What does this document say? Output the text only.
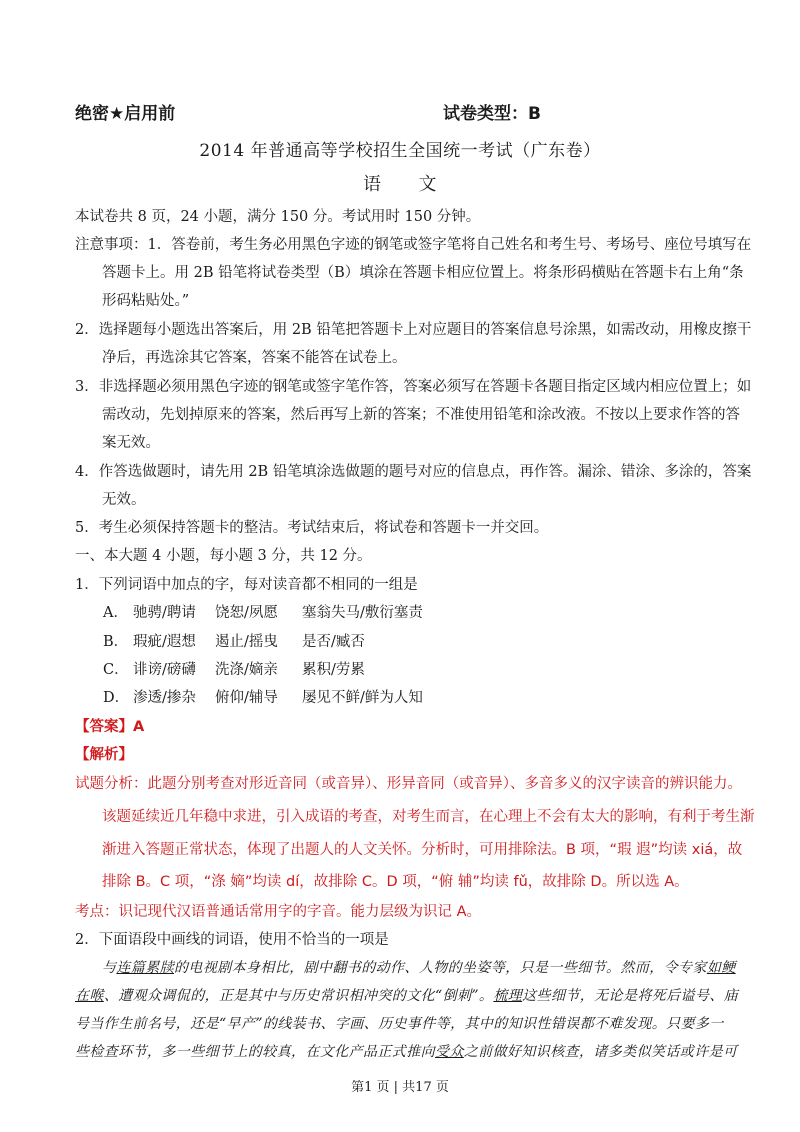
绝密★启用前	试卷类型：B
2014 年普通高等学校招生全国统一考试（广东卷）
语　　文
本试卷共 8 页，24 小题，满分 150 分。考试用时 150 分钟。
注意事项：1．答卷前，考生务必用黑色字迹的钢笔或签字笔将自己姓名和考生号、考场号、座位号填写在
答题卡上。用 2B 铅笔将试卷类型（B）填涂在答题卡相应位置上。将条形码横贴在答题卡右上角“条
形码粘贴处。”
2．选择题每小题选出答案后，用 2B 铅笔把答题卡上对应题目的答案信息号涂黑，如需改动，用橡皮擦干
净后，再选涂其它答案，答案不能答在试卷上。
3．非选择题必须用黑色字迹的钢笔或签字笔作答，答案必须写在答题卡各题目指定区域内相应位置上；如
需改动，先划掉原来的答案，然后再写上新的答案；不准使用铅笔和涂改液。不按以上要求作答的答
案无效。
4．作答选做题时，请先用 2B 铅笔填涂选做题的题号对应的信息点，再作答。漏涂、错涂、多涂的，答案
无效。
5．考生必须保持答题卡的整洁。考试结束后，将试卷和答题卡一并交回。
一、本大题 4 小题，每小题 3 分，共 12 分。
1．下列词语中加点的字，每对读音都不相同的一组是
A． 驰骋/聘请 饶恕/夙愿 塞翁失马/敷衍塞责
B． 瑕疵/遐想 遏止/摇曳 是否/臧否
C． 诽谤/磅礴 洗涤/嫡亲 累积/劳累
D． 渗透/掺杂 俯仰/辅导 屡见不鲜/鲜为人知
【答案】A
【解析】
试题分析：此题分别考查对形近音同（或音异）、形异音同（或音异）、多音多义的汉字读音的辨识能力。
该题延续近几年稳中求进，引入成语的考查，对考生而言，在心理上不会有太大的影响，有利于考生渐
渐进入答题正常状态，体现了出题人的人文关怀。分析时，可用排除法。B 项，“瑕 遐”均读 xiá，故
排除 B。C 项，“涤 嫡”均读 dí，故排除 C。D 项，“俯 辅”均读 fǔ，故排除 D。所以选 A。
考点：识记现代汉语普通话常用字的字音。能力层级为识记 A。
2．下面语段中画线的词语，使用不恰当的一项是
与连篇累牍的电视剧本身相比，剧中翻书的动作、人物的坐姿等，只是一些细节。然而，令专家如鲠
在喉、遭观众调侃的，正是其中与历史常识相冲突的文化“倒刺”。梳理这些细节，无论是将死后谥号、庙
号当作生前名号，还是“早产”的线装书、字画、历史事件等，其中的知识性错误都不难发现。只要多一
些检查环节，多一些细节上的较真，在文化产品正式推向受众之前做好知识核查，诸多类似笑话或许是可
第1 页 | 共17 页
